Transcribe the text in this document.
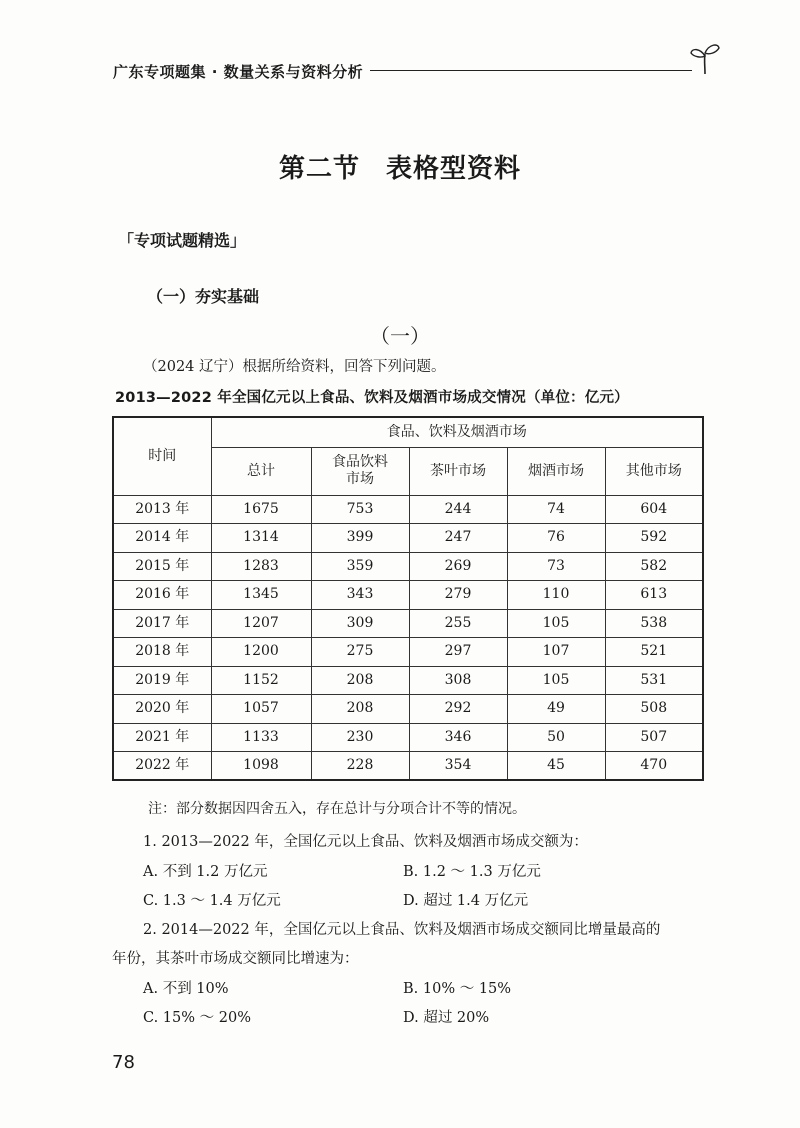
广东专项题集 · 数量关系与资料分析
第二节 表格型资料
「专项试题精选」
（一）夯实基础
（一）
（2024 辽宁）根据所给资料，回答下列问题。
2013—2022 年全国亿元以上食品、饮料及烟酒市场成交情况（单位：亿元）
时间	食品、饮料及烟酒市场				
	总计	食品饮料市场	茶叶市场	烟酒市场	其他市场
2013 年	1675	753	244	74	604
2014 年	1314	399	247	76	592
2015 年	1283	359	269	73	582
2016 年	1345	343	279	110	613
2017 年	1207	309	255	105	538
2018 年	1200	275	297	107	521
2019 年	1152	208	308	105	531
2020 年	1057	208	292	49	508
2021 年	1133	230	346	50	507
2022 年	1098	228	354	45	470
注：部分数据因四舍五入，存在总计与分项合计不等的情况。
1. 2013—2022 年，全国亿元以上食品、饮料及烟酒市场成交额为：
A. 不到 1.2 万亿元	B. 1.2 ～ 1.3 万亿元
C. 1.3 ～ 1.4 万亿元	D. 超过 1.4 万亿元
2. 2014—2022 年，全国亿元以上食品、饮料及烟酒市场成交额同比增量最高的
年份，其茶叶市场成交额同比增速为：
A. 不到 10%	B. 10% ～ 15%
C. 15% ～ 20%	D. 超过 20%
78
